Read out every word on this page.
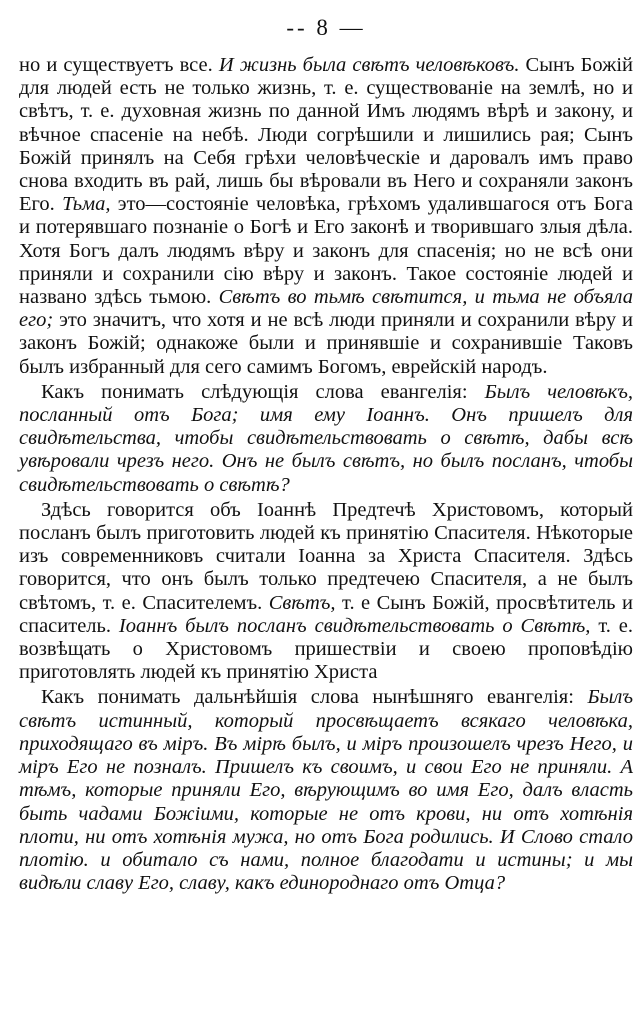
-- 8 —

но и существуетъ все. И жизнь была свѣтъ человѣковъ. Сынъ Божій для людей есть не только жизнь, т. е. существованіе на землѣ, но и свѣтъ, т. е. духовная жизнь по данной Имъ людямъ вѣрѣ и закону, и вѣчное спасеніе на небѣ. Люди согрѣшили и лишились рая; Сынъ Божій принялъ на Себя грѣхи человѣческіе и даровалъ имъ право снова входить въ рай, лишь бы вѣровали въ Него и сохраняли законъ Его. Тьма, это—состояніе человѣка, грѣхомъ удалившагося отъ Бога и потерявшаго познаніе о Богѣ и Его законѣ и творившаго злыя дѣла. Хотя Богъ далъ людямъ вѣру и законъ для спасенія; но не всѣ они приняли и сохранили сію вѣру и законъ. Такое состояніе людей и названо здѣсь тьмою. Свѣтъ во тьмѣ свѣтится, и тьма не объяла его; это значитъ, что хотя и не всѣ люди приняли и сохранили вѣру и законъ Божій; однакоже были и принявшіе и сохранившіе Таковъ былъ избранный для сего самимъ Богомъ, еврейскій народъ.

Какъ понимать слѣдующія слова евангелія: Былъ человѣкъ, посланный отъ Бога; имя ему Іоаннъ. Онъ пришелъ для свидѣтельства, чтобы свидѣтельствовать о свѣтѣ, дабы всѣ увѣровали чрезъ него. Онъ не былъ свѣтъ, но былъ посланъ, чтобы свидѣтельствовать о свѣтѣ?

Здѣсь говорится объ Іоаннѣ Предтечѣ Христовомъ, который посланъ былъ приготовить людей къ принятію Спасителя. Нѣкоторые изъ современниковъ считали Іоанна за Христа Спасителя. Здѣсь говорится, что онъ былъ только предтечею Спасителя, а не былъ свѣтомъ, т. е. Спасителемъ. Свѣтъ, т. е Сынъ Божій, просвѣтитель и спаситель. Іоаннъ былъ посланъ свидѣтельствовать о Свѣтѣ, т. е. возвѣщать о Христовомъ пришествіи и своею проповѣдію приготовлять людей къ принятію Христа

Какъ понимать дальнѣйшія слова нынѣшняго евангелія: Былъ свѣтъ истинный, который просвѣщаетъ всякаго человѣка, приходящаго въ міръ. Въ мірѣ былъ, и міръ произошелъ чрезъ Него, и міръ Его не позналъ. Пришелъ къ своимъ, и свои Его не приняли. А тѣмъ, которые приняли Его, вѣрующимъ во имя Его, далъ власть быть чадами Божіими, которые не отъ крови, ни отъ хотѣнія плоти, ни отъ хотѣнія мужа, но отъ Бога родились. И Слово стало плотію. и обитало съ нами, полное благодати и истины; и мы видѣли славу Его, славу, какъ единороднаго отъ Отца?
